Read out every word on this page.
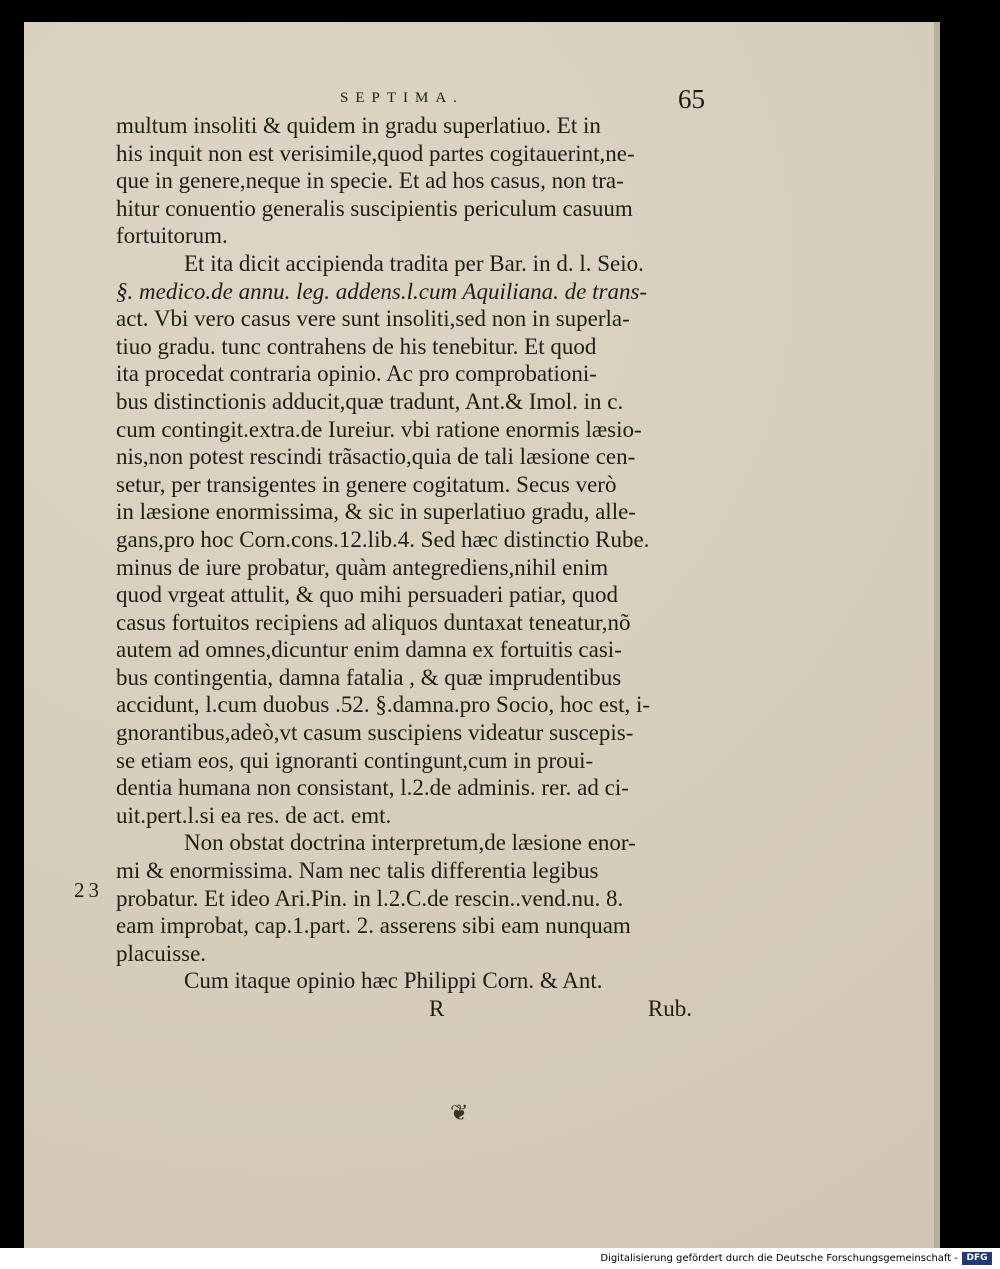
SEPTIMA.	65
multum insoliti & quidem in gradu superlatiuo. Et in
his inquit non est verisimile,quod partes cogitauerint,ne-
que in genere,neque in specie. Et ad hos casus, non tra-
hitur conuentio generalis suscipientis periculum casuum
fortuitorum.
Et ita dicit accipienda tradita per Bar. in d. l. Seio.
§. medico.de annu. leg. addens.l.cum Aquiliana. de trans-
act. Vbi vero casus vere sunt insoliti,sed non in superla-
tiuo gradu. tunc contrahens de his tenebitur. Et quod
ita procedat contraria opinio. Ac pro comprobationi-
bus distinctionis adducit,quæ tradunt, Ant.& Imol. in c.
cum contingit.extra.de Iureiur. vbi ratione enormis læsio-
nis,non potest rescindi trãsactio,quia de tali læsione cen-
setur, per transigentes in genere cogitatum. Secus verò
in læsione enormissima, & sic in superlatiuo gradu, alle-
gans,pro hoc Corn.cons.12.lib.4. Sed hæc distinctio Rube.
minus de iure probatur, quàm antegrediens,nihil enim
quod vrgeat attulit, & quo mihi persuaderi patiar, quod
casus fortuitos recipiens ad aliquos duntaxat teneatur,nõ
autem ad omnes,dicuntur enim damna ex fortuitis casi-
bus contingentia, damna fatalia , & quæ imprudentibus
accidunt, l.cum duobus .52. §.damna.pro Socio, hoc est, i-
gnorantibus,adeò,vt casum suscipiens videatur suscepis-
se etiam eos, qui ignoranti contingunt,cum in proui-
dentia humana non consistant, l.2.de adminis. rer. ad ci-
uit.pert.l.si ea res. de act. emt.
Non obstat doctrina interpretum,de læsione enor-
mi & enormissima. Nam nec talis differentia legibus
probatur. Et ideo Ari.Pin. in l.2.C.de rescin..vend.nu. 8.
eam improbat, cap.1.part. 2. asserens sibi eam nunquam
placuisse.
Cum itaque opinio hæc Philippi Corn. & Ant.
R	Rub.
23
❦
Digitalisierung gefördert durch die Deutsche Forschungsgemeinschaft - DFG
